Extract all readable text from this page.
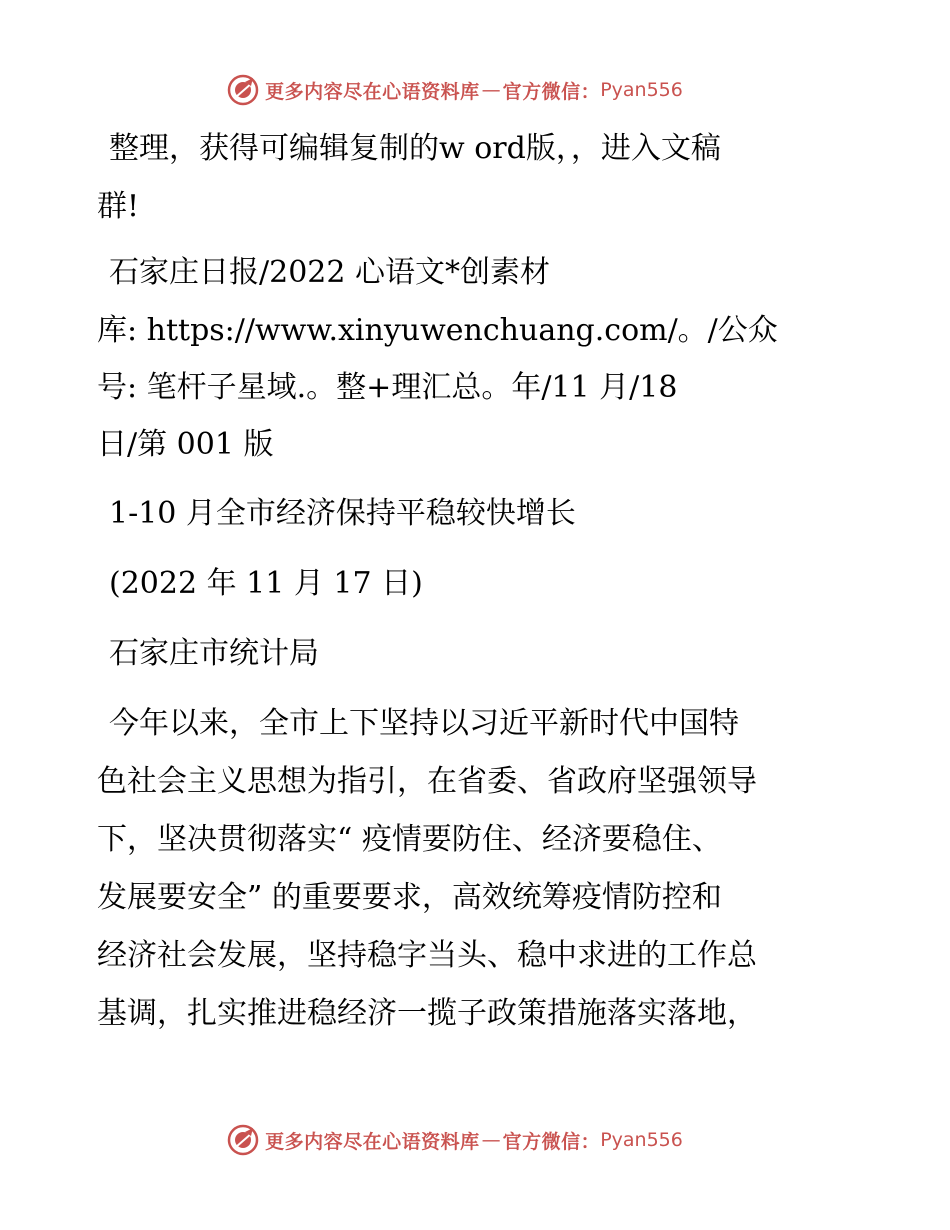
更多内容尽在心语资料库 — 官方微信： Pyan556
整理，获得可编辑复制的w ord版，，进入文稿
群!
石家庄日报/2022 心语文*创素材
库: https://www.xinyuwenchuang.com/。/公众
号: 笔杆子星域.。整+理汇总。年/11 月/18
日/第 001 版
1-10 月全市经济保持平稳较快增长
(2022 年 11 月 17 日)
石家庄市统计局
今年以来，全市上下坚持以习近平新时代中国特
色社会主义思想为指引，在省委、省政府坚强领导
下，坚决贯彻落实“ 疫情要防住、经济要稳住、
发展要安全” 的重要要求，高效统筹疫情防控和
经济社会发展，坚持稳字当头、稳中求进的工作总
基调，扎实推进稳经济一揽子政策措施落实落地，
更多内容尽在心语资料库 — 官方微信： Pyan556
